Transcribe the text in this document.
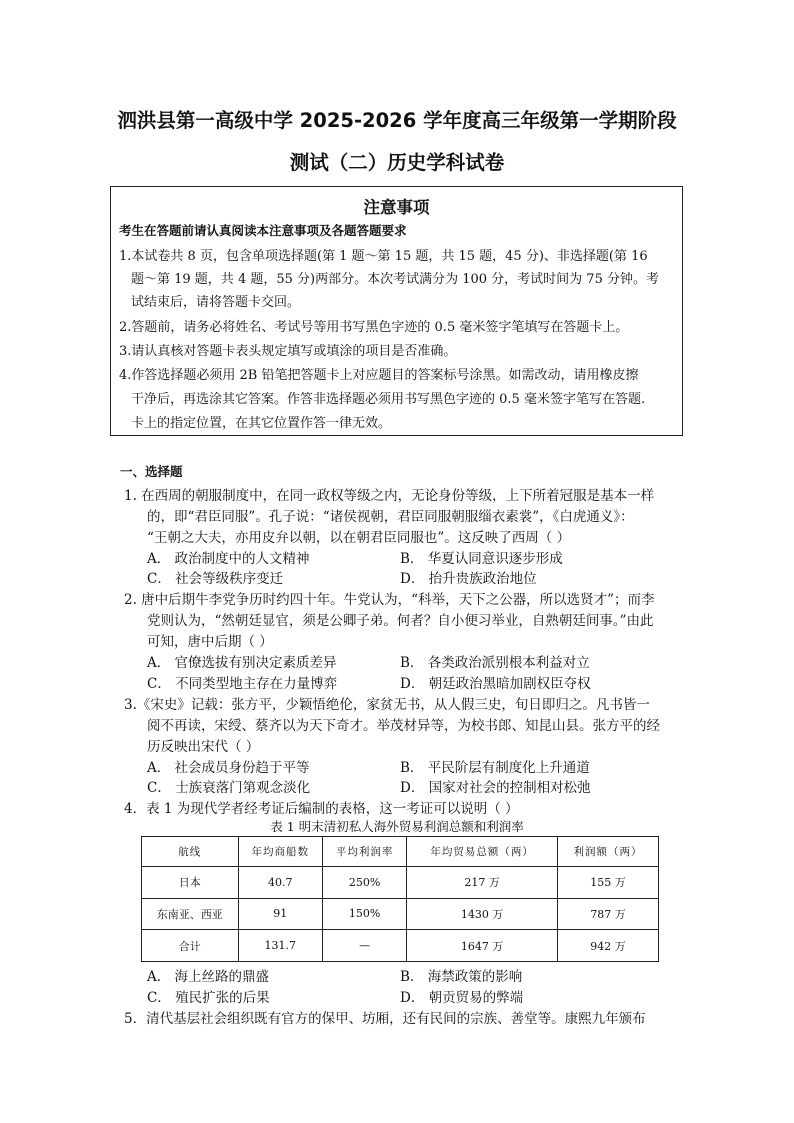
泗洪县第一高级中学 2025-2026 学年度高三年级第一学期阶段
测试（二）历史学科试卷
注意事项
考生在答题前请认真阅读本注意事项及各题答题要求
1.本试卷共 8 页，包含单项选择题(第 1 题～第 15 题，共 15 题，45 分)、非选择题(第 16
题～第 19 题，共 4 题，55 分)两部分。本次考试满分为 100 分，考试时间为 75 分钟。考
试结束后，请将答题卡交回。
2.答题前，请务必将姓名、考试号等用书写黑色字迹的 0.5 毫米签字笔填写在答题卡上。
3.请认真核对答题卡表头规定填写或填涂的项目是否准确。
4.作答选择题必须用 2B 铅笔把答题卡上对应题目的答案标号涂黑。如需改动，请用橡皮擦
干净后，再选涂其它答案。作答非选择题必须用书写黑色字迹的 0.5 毫米签字笔写在答题.
卡上的指定位置，在其它位置作答一律无效。
一、选择题
1. 在西周的朝服制度中，在同一政权等级之内，无论身份等级，上下所着冠服是基本一样
的，即“君臣同服”。孔子说：“诸侯视朝，君臣同服朝服缁衣素裳”，《白虎通义》：
“王朝之大夫，亦用皮弁以朝，以在朝君臣同服也”。这反映了西周（ ）
A． 政治制度中的人文精神	B． 华夏认同意识逐步形成
C． 社会等级秩序变迁	D． 抬升贵族政治地位
2. 唐中后期牛李党争历时约四十年。牛党认为，“科举，天下之公器，所以选贤才”；而李
党则认为，“然朝廷显官，须是公卿子弟。何者？自小便习举业，自熟朝廷间事。”由此
可知，唐中后期（ ）
A． 官僚选拔有别决定素质差异	B． 各类政治派别根本利益对立
C． 不同类型地主存在力量博弈	D． 朝廷政治黑暗加剧权臣夺权
3.《宋史》记载：张方平，少颖悟绝伦，家贫无书，从人假三史，旬日即归之。凡书皆一
阅不再读，宋绶、蔡齐以为天下奇才。举茂材异等，为校书郎、知昆山县。张方平的经
历反映出宋代（ ）
A． 社会成员身份趋于平等	B． 平民阶层有制度化上升通道
C． 士族衰落门第观念淡化	D． 国家对社会的控制相对松弛
4．表 1 为现代学者经考证后编制的表格，这一考证可以说明（ ）
表 1 明末清初私人海外贸易利润总额和利润率
航线	年均商船数	平均利润率	年均贸易总额（两）	利润额（两）
日本	40.7	250%	217 万	155 万
东南亚、西亚	91	150%	1430 万	787 万
合计	131.7	—	1647 万	942 万
A． 海上丝路的鼎盛	B． 海禁政策的影响
C． 殖民扩张的后果	D． 朝贡贸易的弊端
5．清代基层社会组织既有官方的保甲、坊厢，还有民间的宗族、善堂等。康熙九年颁布
